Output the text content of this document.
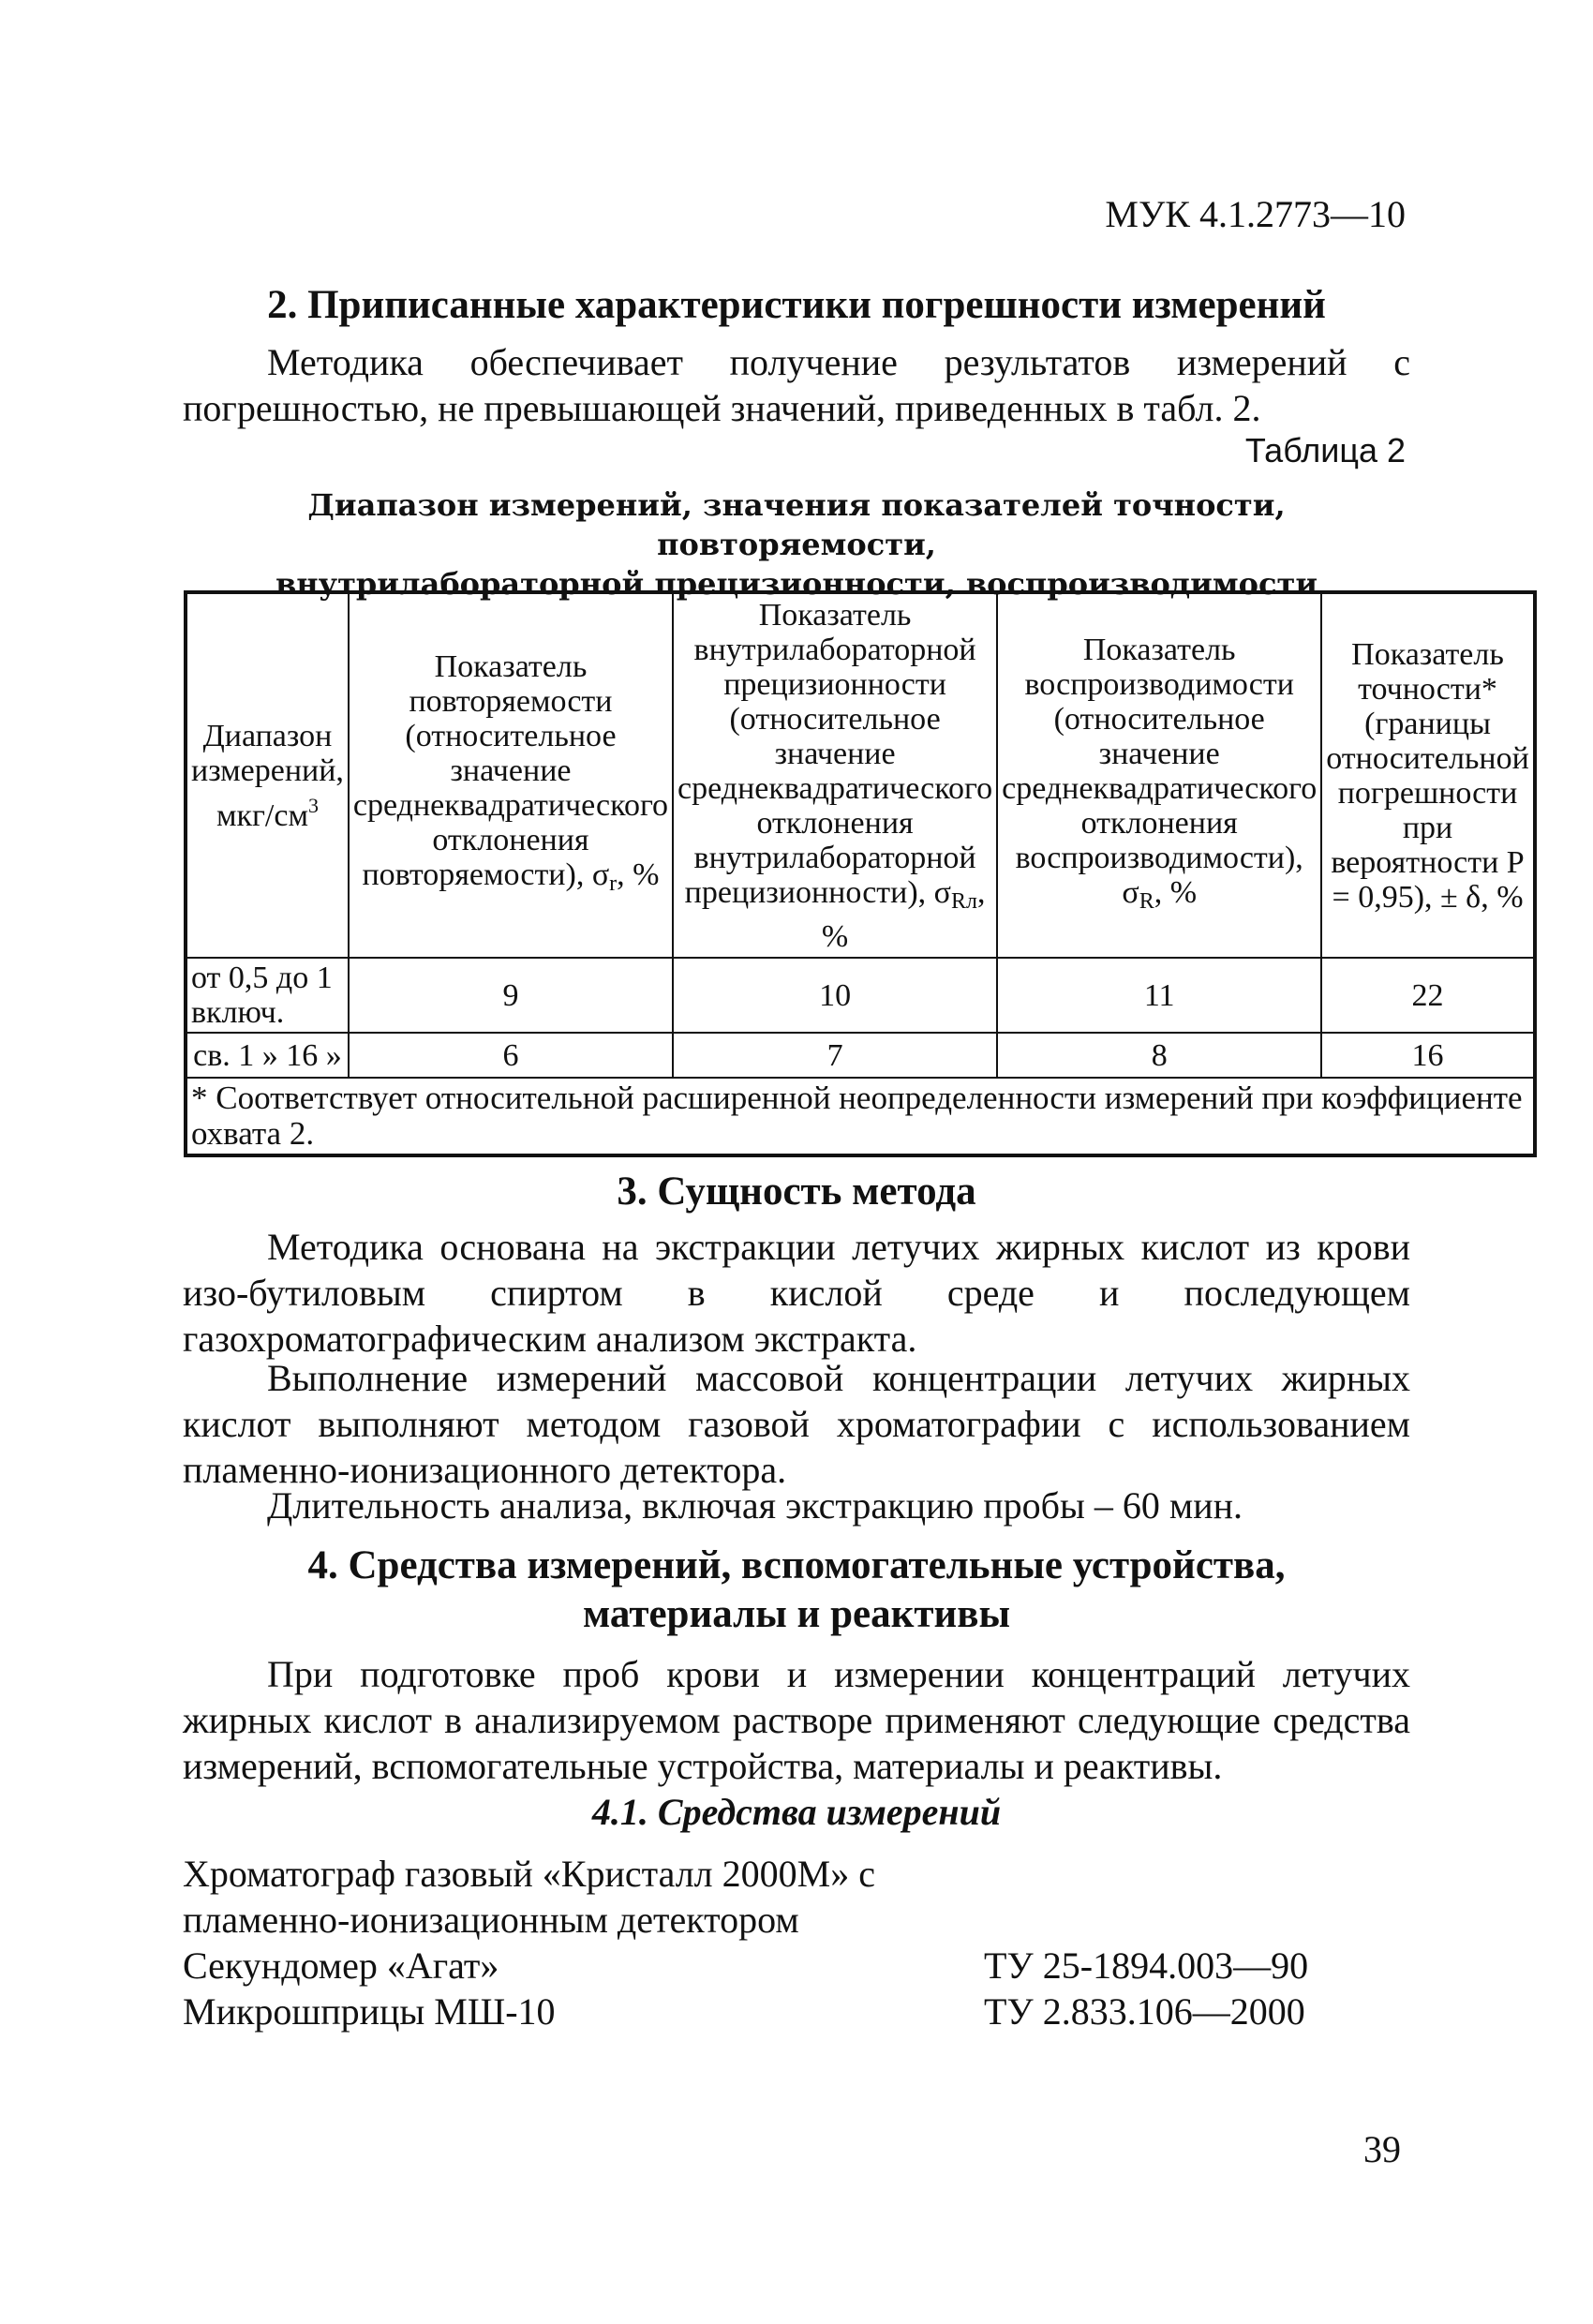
МУК 4.1.2773—10
2. Приписанные характеристики погрешности измерений
Методика обеспечивает получение результатов измерений с погрешностью, не превышающей значений, приведенных в табл. 2.
Таблица 2
Диапазон измерений, значения показателей точности, повторяемости,
внутрилабораторной прецизионности, воспроизводимости
Диапазон измерений, мкг/$см^3$	Показатель повторяемости (относительное значение среднеквадратического отклонения повторяемости), $\sigma_r$, %	Показатель внутрилабораторной прецизионности (относительное значение среднеквадратического отклонения внутрилабораторной прецизионности), $\sigma_{Rл}$, %	Показатель воспроизводимости (относительное значение среднеквадратического отклонения воспроизводимости), $\sigma_R$, %	Показатель точности* (границы относительной погрешности при вероятности Р = 0,95), ± δ, %
от 0,5 до 1 включ.	9	10	11	22
св. 1 » 16 »	6	7	8	16
* Соответствует относительной расширенной неопределенности измерений при коэффициенте охвата 2.				
3. Сущность метода
Методика основана на экстракции летучих жирных кислот из крови изо-бутиловым спиртом в кислой среде и последующем газохроматографическим анализом экстракта.
Выполнение измерений массовой концентрации летучих жирных кислот выполняют методом газовой хроматографии с использованием пламенно-ионизационного детектора.
Длительность анализа, включая экстракцию пробы – 60 мин.
4. Средства измерений, вспомогательные устройства,
материалы и реактивы
При подготовке проб крови и измерении концентраций летучих жирных кислот в анализируемом растворе применяют следующие средства измерений, вспомогательные устройства, материалы и реактивы.
4.1. Средства измерений
Хроматограф газовый «Кристалл 2000М» с
пламенно-ионизационным детектором
Секундомер «Агат»	ТУ 25-1894.003—90
Микрошприцы МШ-10	ТУ 2.833.106—2000
39
